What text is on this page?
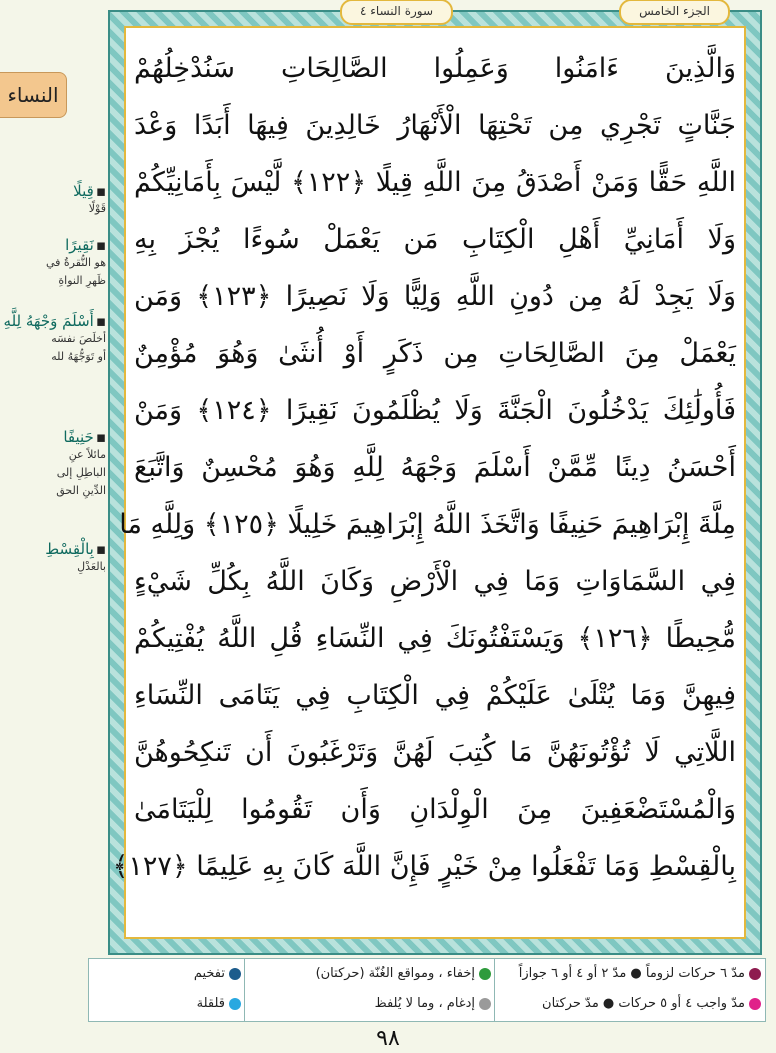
الجزء الخامس
سورة النساء ٤
وَالَّذِينَ ءَامَنُوا وَعَمِلُوا الصَّالِحَاتِ سَنُدْخِلُهُمْ
جَنَّاتٍ تَجْرِي مِن تَحْتِهَا الْأَنْهَارُ خَالِدِينَ فِيهَا أَبَدًا وَعْدَ
اللَّهِ حَقًّا وَمَنْ أَصْدَقُ مِنَ اللَّهِ قِيلًا ﴿١٢٢﴾ لَّيْسَ بِأَمَانِيِّكُمْ
وَلَا أَمَانِيِّ أَهْلِ الْكِتَابِ مَن يَعْمَلْ سُوءًا يُجْزَ بِهِ
وَلَا يَجِدْ لَهُ مِن دُونِ اللَّهِ وَلِيًّا وَلَا نَصِيرًا ﴿١٢٣﴾ وَمَن
يَعْمَلْ مِنَ الصَّالِحَاتِ مِن ذَكَرٍ أَوْ أُنثَىٰ وَهُوَ مُؤْمِنٌ
فَأُولَٰئِكَ يَدْخُلُونَ الْجَنَّةَ وَلَا يُظْلَمُونَ نَقِيرًا ﴿١٢٤﴾ وَمَنْ
أَحْسَنُ دِينًا مِّمَّنْ أَسْلَمَ وَجْهَهُ لِلَّهِ وَهُوَ مُحْسِنٌ وَاتَّبَعَ
مِلَّةَ إِبْرَاهِيمَ حَنِيفًا وَاتَّخَذَ اللَّهُ إِبْرَاهِيمَ خَلِيلًا ﴿١٢٥﴾ وَلِلَّهِ مَا
فِي السَّمَاوَاتِ وَمَا فِي الْأَرْضِ وَكَانَ اللَّهُ بِكُلِّ شَيْءٍ
مُّحِيطًا ﴿١٢٦﴾ وَيَسْتَفْتُونَكَ فِي النِّسَاءِ قُلِ اللَّهُ يُفْتِيكُمْ
فِيهِنَّ وَمَا يُتْلَىٰ عَلَيْكُمْ فِي الْكِتَابِ فِي يَتَامَى النِّسَاءِ
اللَّاتِي لَا تُؤْتُونَهُنَّ مَا كُتِبَ لَهُنَّ وَتَرْغَبُونَ أَن تَنكِحُوهُنَّ
وَالْمُسْتَضْعَفِينَ مِنَ الْوِلْدَانِ وَأَن تَقُومُوا لِلْيَتَامَىٰ
بِالْقِسْطِ وَمَا تَفْعَلُوا مِنْ خَيْرٍ فَإِنَّ اللَّهَ كَانَ بِهِ عَلِيمًا ﴿١٢٧﴾
النساء
▪ قِيلًا
قَوْلًا
▪ نَقِيرًا
هو النُّقرةُ في
ظَهرِ النواةِ
▪ أَسْلَمَ وَجْهَهُ لِلَّهِ
أخلَصَ نفسَه
أو تَوَجُّهَهُ لله
▪ حَنِيفًا
مائلاً عنِ
الباطِلِ إلى
الدِّينِ الحق
▪ بِالْقِسْطِ
بالعَدْلِ
مدّ ٦ حركات لزوماً ● مدّ ٢ أو ٤ أو ٦ جوازاً
مدّ واجب ٤ أو ٥ حركات ● مدّ حركتان
إخفاء ، ومواقع الغُنّة (حركتان)
إدغام ، وما لا يُلفظ
تفخيم
قلقلة
٩٨
